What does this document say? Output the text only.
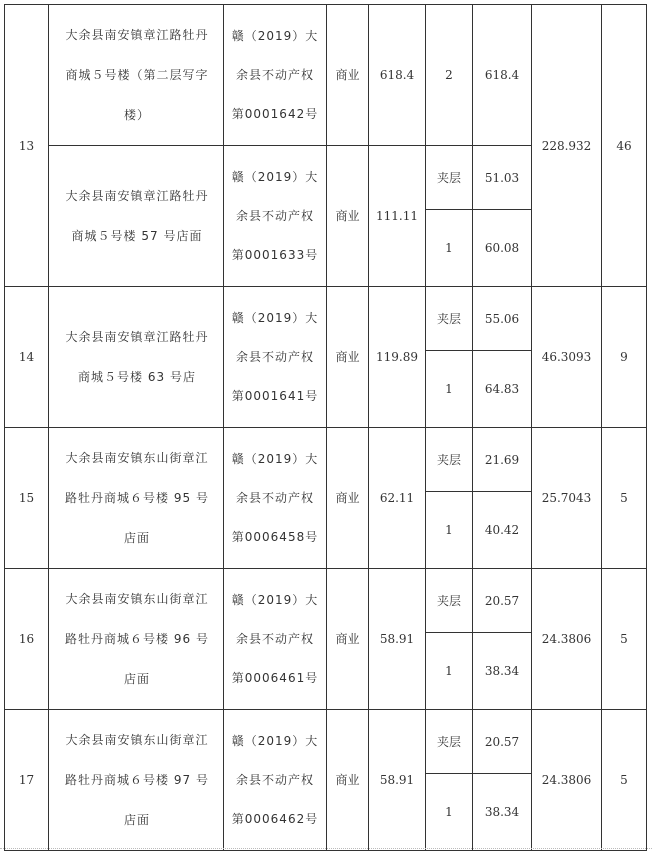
13	大余县南安镇章江路牡丹商城５号楼（第二层写字楼）	赣（2019）大余县不动产权第0001642号	商业	618.4	2	618.4	228.932	46

	大余县南安镇章江路牡丹商城５号楼 57 号店面	赣（2019）大余县不动产权第0001633号	商业	111.11	夹层	51.03		
					1	60.08		
14	大余县南安镇章江路牡丹商城５号楼 63 号店	赣（2019）大余县不动产权第0001641号	商业	119.89	夹层	55.06	46.3093	9
					1	64.83		
15	大余县南安镇东山街章江路牡丹商城６号楼 95 号店面	赣（2019）大余县不动产权第0006458号	商业	62.11	夹层	21.69	25.7043	5
					1	40.42		
16	大余县南安镇东山街章江路牡丹商城６号楼 96 号店面	赣（2019）大余县不动产权第0006461号	商业	58.91	夹层	20.57	24.3806	5
					1	38.34		
17	大余县南安镇东山街章江路牡丹商城６号楼 97 号店面	赣（2019）大余县不动产权第0006462号	商业	58.91	夹层	20.57	24.3806	5
					1	38.34		
